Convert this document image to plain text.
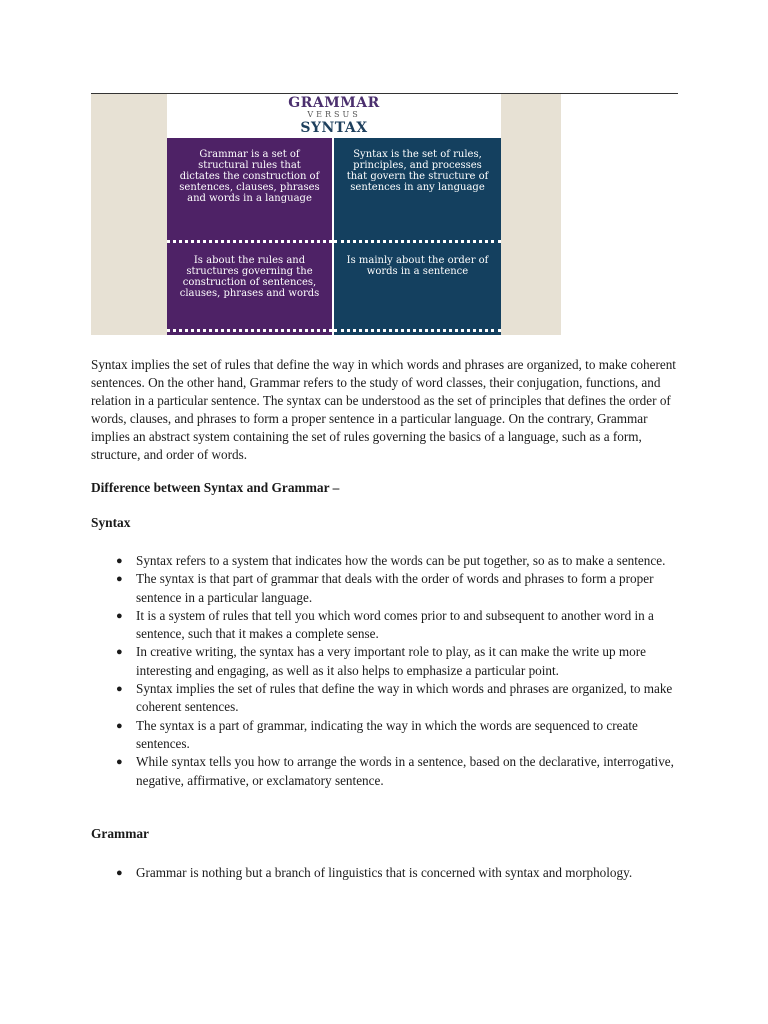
GRAMMAR
VERSUS
SYNTAX
Grammar is a set of structural rules that dictates the construction of sentences, clauses, phrases and words in a language
Is about the rules and structures governing the construction of sentences, clauses, phrases and words
Syntax is the set of rules, principles, and processes that govern the structure of sentences in any language
Is mainly about the order of words in a sentence
Syntax implies the set of rules that define the way in which words and phrases are organized, to make coherent sentences. On the other hand, Grammar refers to the study of word classes, their conjugation, functions, and relation in a particular sentence. The syntax can be understood as the set of principles that defines the order of words, clauses, and phrases to form a proper sentence in a particular language. On the contrary, Grammar implies an abstract system containing the set of rules governing the basics of a language, such as a form, structure, and order of words.
Difference between Syntax and Grammar –
Syntax
● Syntax refers to a system that indicates how the words can be put together, so as to make a sentence.
● The syntax is that part of grammar that deals with the order of words and phrases to form a proper sentence in a particular language.
● It is a system of rules that tell you which word comes prior to and subsequent to another word in a sentence, such that it makes a complete sense.
● In creative writing, the syntax has a very important role to play, as it can make the write up more interesting and engaging, as well as it also helps to emphasize a particular point.
● Syntax implies the set of rules that define the way in which words and phrases are organized, to make coherent sentences.
● The syntax is a part of grammar, indicating the way in which the words are sequenced to create sentences.
● While syntax tells you how to arrange the words in a sentence, based on the declarative, interrogative, negative, affirmative, or exclamatory sentence.
Grammar
● Grammar is nothing but a branch of linguistics that is concerned with syntax and morphology.
